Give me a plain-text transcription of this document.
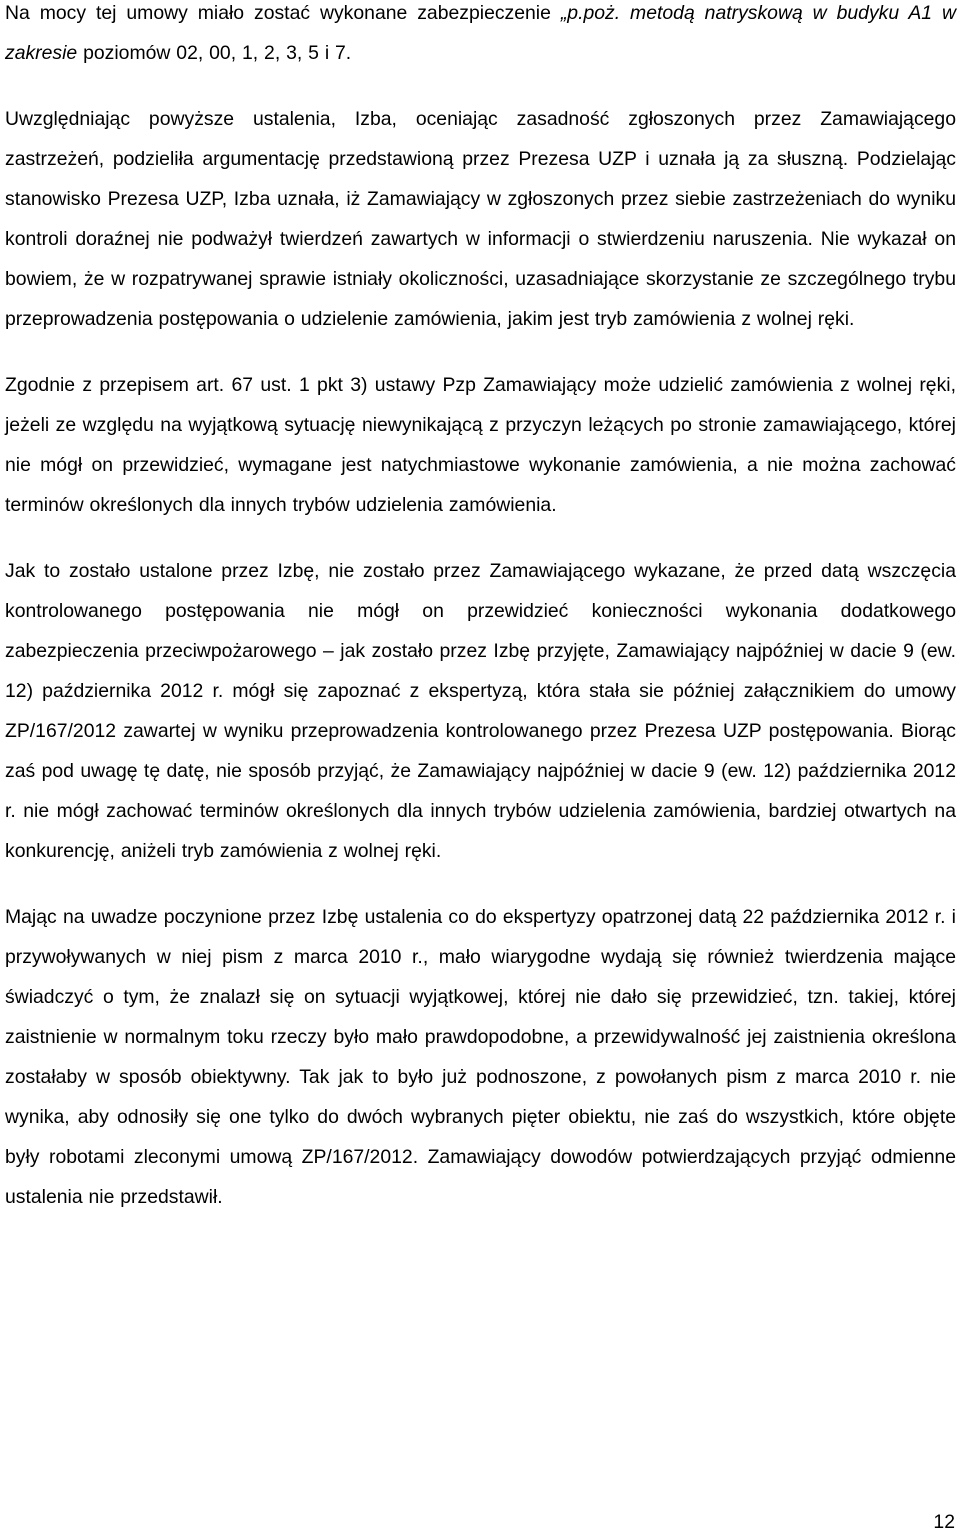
Na mocy tej umowy miało zostać wykonane zabezpieczenie „p.poż. metodą natryskową w budyku A1 w zakresie poziomów 02, 00, 1, 2, 3, 5 i 7.

Uwzględniając powyższe ustalenia, Izba, oceniając zasadność zgłoszonych przez Zamawiającego zastrzeżeń, podzieliła argumentację przedstawioną przez Prezesa UZP i uznała ją za słuszną. Podzielając stanowisko Prezesa UZP, Izba uznała, iż Zamawiający w zgłoszonych przez siebie zastrzeżeniach do wyniku kontroli doraźnej nie podważył twierdzeń zawartych w informacji o stwierdzeniu naruszenia. Nie wykazał on bowiem, że w rozpatrywanej sprawie istniały okoliczności, uzasadniające skorzystanie ze szczególnego trybu przeprowadzenia postępowania o udzielenie zamówienia, jakim jest tryb zamówienia z wolnej ręki.

Zgodnie z przepisem art. 67 ust. 1 pkt 3) ustawy Pzp Zamawiający może udzielić zamówienia z wolnej ręki, jeżeli ze względu na wyjątkową sytuację niewynikającą z przyczyn leżących po stronie zamawiającego, której nie mógł on przewidzieć, wymagane jest natychmiastowe wykonanie zamówienia, a nie można zachować terminów określonych dla innych trybów udzielenia zamówienia.

Jak to zostało ustalone przez Izbę, nie zostało przez Zamawiającego wykazane, że przed datą wszczęcia kontrolowanego postępowania nie mógł on przewidzieć konieczności wykonania dodatkowego zabezpieczenia przeciwpożarowego – jak zostało przez Izbę przyjęte, Zamawiający najpóźniej w dacie 9 (ew. 12) października 2012 r. mógł się zapoznać z ekspertyzą, która stała sie później załącznikiem do umowy ZP/167/2012 zawartej w wyniku przeprowadzenia kontrolowanego przez Prezesa UZP postępowania. Biorąc zaś pod uwagę tę datę, nie sposób przyjąć, że Zamawiający najpóźniej w dacie 9 (ew. 12) października 2012 r. nie mógł zachować terminów określonych dla innych trybów udzielenia zamówienia, bardziej otwartych na konkurencję, aniżeli tryb zamówienia z wolnej ręki.

Mając na uwadze poczynione przez Izbę ustalenia co do ekspertyzy opatrzonej datą 22 października 2012 r. i przywoływanych w niej pism z marca 2010 r., mało wiarygodne wydają się również twierdzenia mające świadczyć o tym, że znalazł się on sytuacji wyjątkowej, której nie dało się przewidzieć, tzn. takiej, której zaistnienie w normalnym toku rzeczy było mało prawdopodobne, a przewidywalność jej zaistnienia określona zostałaby w sposób obiektywny. Tak jak to było już podnoszone, z powołanych pism z marca 2010 r. nie wynika, aby odnosiły się one tylko do dwóch wybranych pięter obiektu, nie zaś do wszystkich, które objęte były robotami zleconymi umową ZP/167/2012. Zamawiający dowodów potwierdzających przyjąć odmienne ustalenia nie przedstawił.

12
